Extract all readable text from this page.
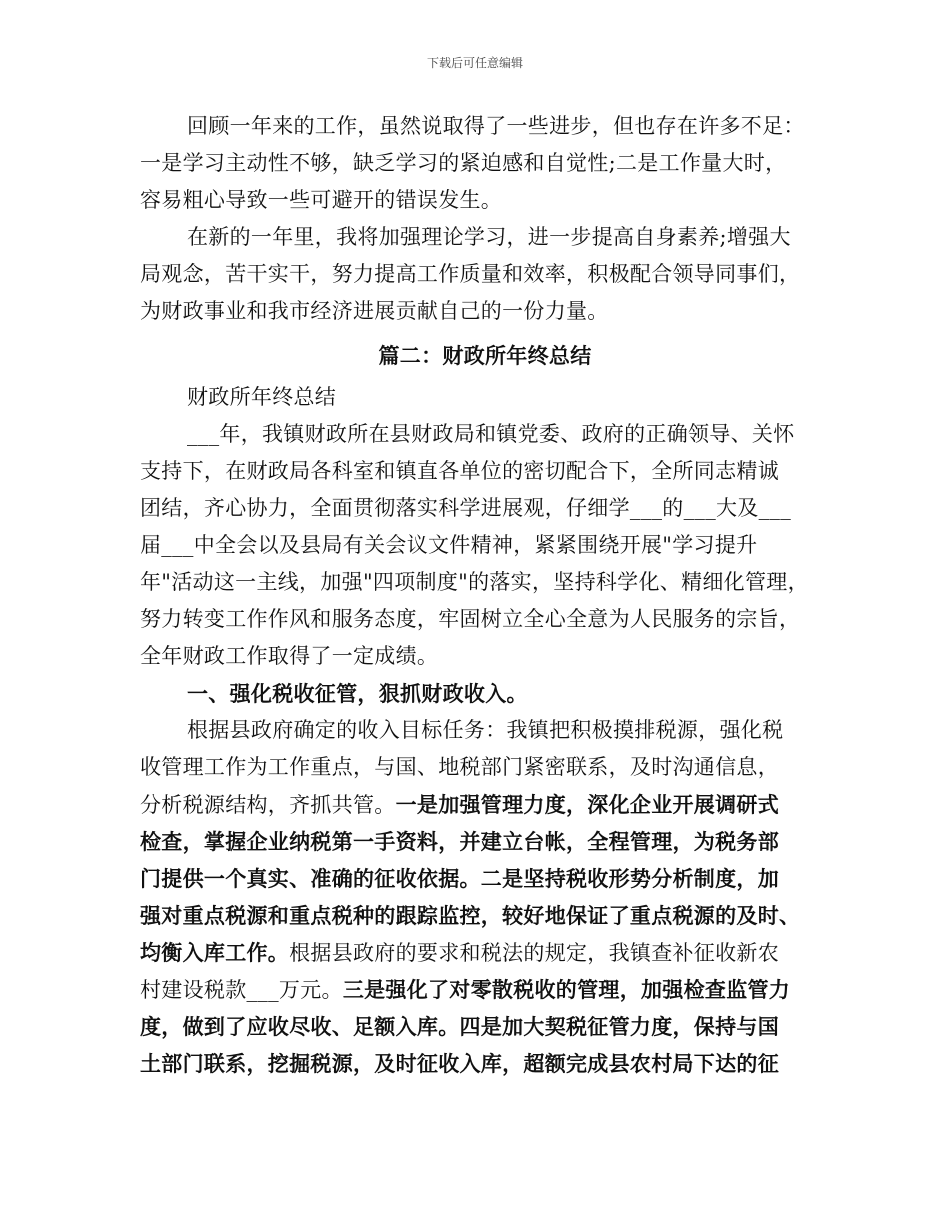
下载后可任意编辑
回顾一年来的工作，虽然说取得了一些进步，但也存在许多不足：
一是学习主动性不够，缺乏学习的紧迫感和自觉性;二是工作量大时，
容易粗心导致一些可避开的错误发生。
在新的一年里，我将加强理论学习，进一步提高自身素养;增强大
局观念，苦干实干，努力提高工作质量和效率，积极配合领导同事们，
为财政事业和我市经济进展贡献自己的一份力量。
篇二：财政所年终总结
财政所年终总结
___年，我镇财政所在县财政局和镇党委、政府的正确领导、关怀
支持下，在财政局各科室和镇直各单位的密切配合下，全所同志精诚
团结，齐心协力，全面贯彻落实科学进展观，仔细学___的___大及___
届___中全会以及县局有关会议文件精神，紧紧围绕开展"学习提升
年"活动这一主线，加强"四项制度"的落实，坚持科学化、精细化管理，
努力转变工作作风和服务态度，牢固树立全心全意为人民服务的宗旨，
全年财政工作取得了一定成绩。
一、强化税收征管，狠抓财政收入。
根据县政府确定的收入目标任务：我镇把积极摸排税源，强化税
收管理工作为工作重点，与国、地税部门紧密联系，及时沟通信息，
分析税源结构，齐抓共管。一是加强管理力度，深化企业开展调研式
检查，掌握企业纳税第一手资料，并建立台帐，全程管理，为税务部
门提供一个真实、准确的征收依据。二是坚持税收形势分析制度，加
强对重点税源和重点税种的跟踪监控，较好地保证了重点税源的及时、
均衡入库工作。根据县政府的要求和税法的规定，我镇查补征收新农
村建设税款___万元。三是强化了对零散税收的管理，加强检查监管力
度，做到了应收尽收、足额入库。四是加大契税征管力度，保持与国
土部门联系，挖掘税源，及时征收入库，超额完成县农村局下达的征
